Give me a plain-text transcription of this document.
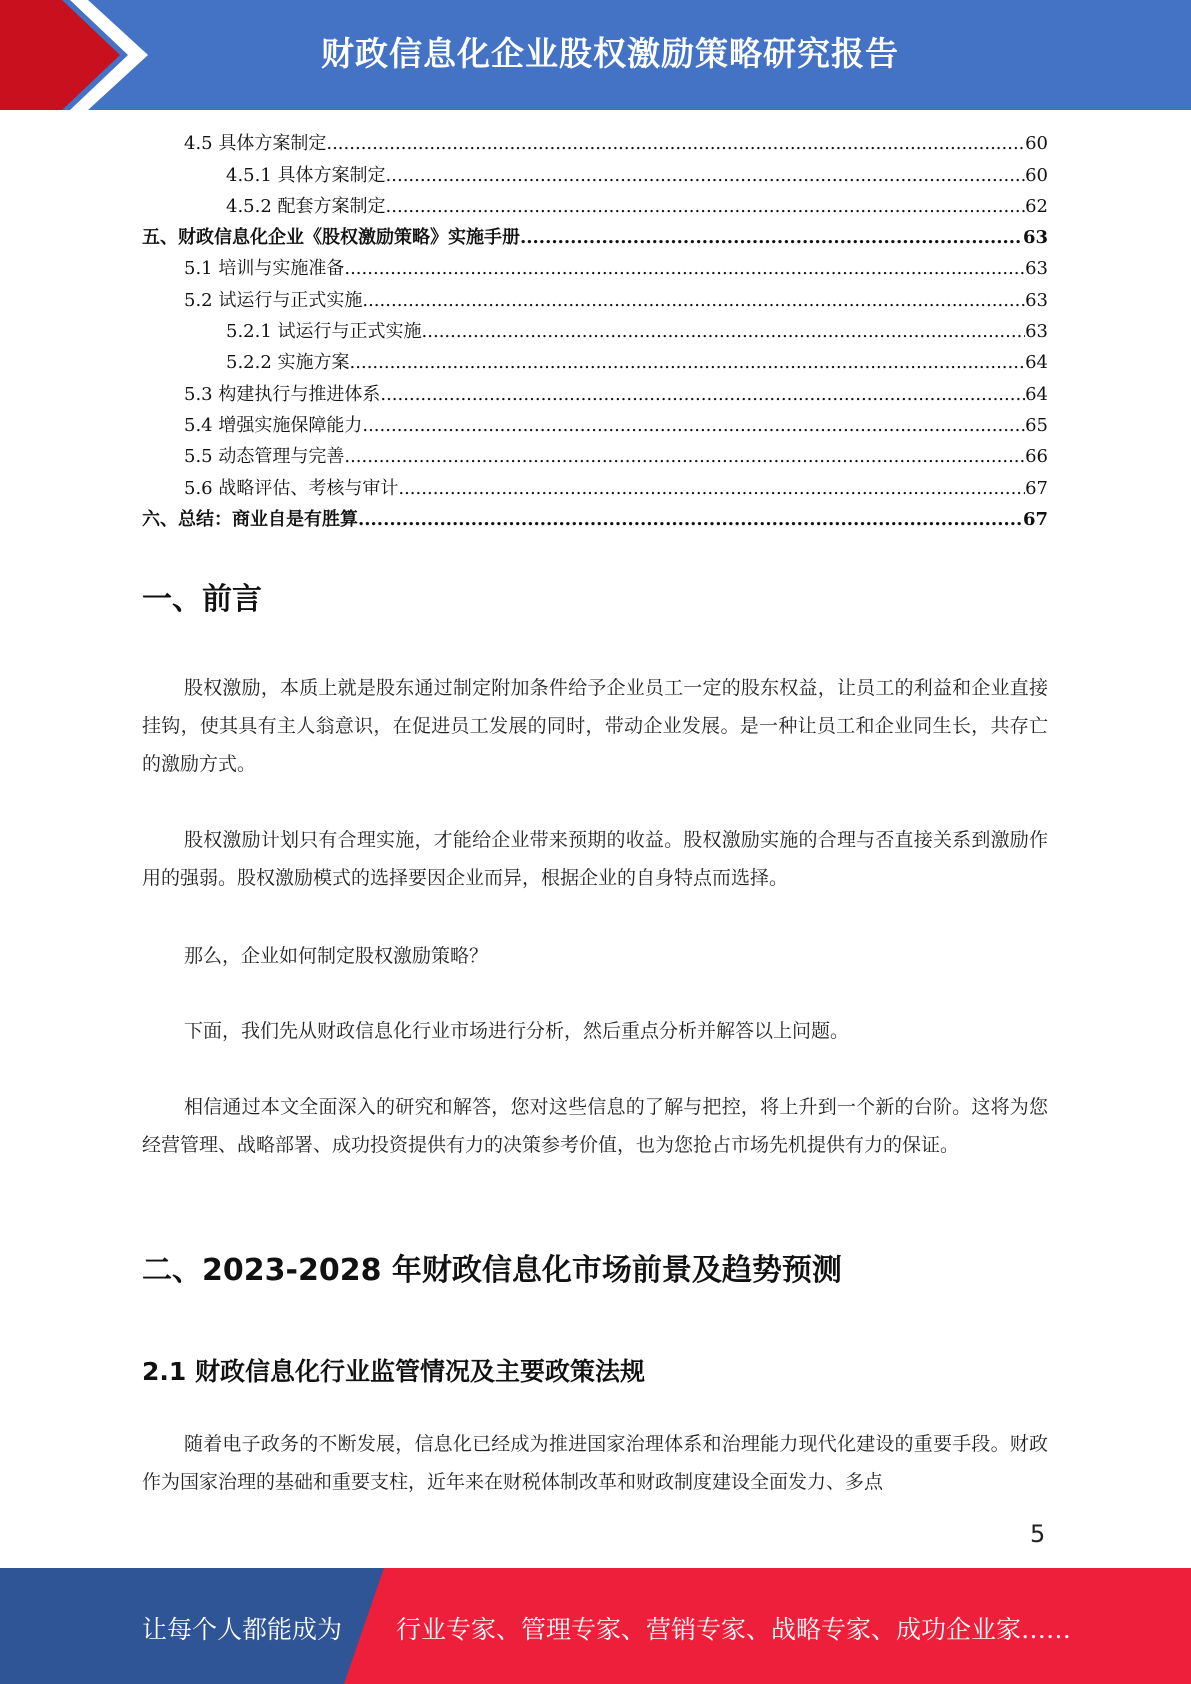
财政信息化企业股权激励策略研究报告
4.5 具体方案制定 .....	60
4.5.1 具体方案制定 .....	60
4.5.2 配套方案制定 .....	62
五、财政信息化企业《股权激励策略》实施手册 .....	63
5.1 培训与实施准备 .....	63
5.2 试运行与正式实施 .....	63
5.2.1 试运行与正式实施 .....	63
5.2.2 实施方案 .....	64
5.3 构建执行与推进体系 .....	64
5.4 增强实施保障能力 .....	65
5.5 动态管理与完善 .....	66
5.6 战略评估、考核与审计 .....	67
六、总结：商业自是有胜算 .....	67
一、前言

股权激励，本质上就是股东通过制定附加条件给予企业员工一定的股东权益，让员工的利益和企业直接挂钩，使其具有主人翁意识，在促进员工发展的同时，带动企业发展。是一种让员工和企业同生长，共存亡的激励方式。

股权激励计划只有合理实施，才能给企业带来预期的收益。股权激励实施的合理与否直接关系到激励作用的强弱。股权激励模式的选择要因企业而异，根据企业的自身特点而选择。

那么，企业如何制定股权激励策略？

下面，我们先从财政信息化行业市场进行分析，然后重点分析并解答以上问题。

相信通过本文全面深入的研究和解答，您对这些信息的了解与把控，将上升到一个新的台阶。这将为您经营管理、战略部署、成功投资提供有力的决策参考价值，也为您抢占市场先机提供有力的保证。

二、2023-2028 年财政信息化市场前景及趋势预测
2.1 财政信息化行业监管情况及主要政策法规

随着电子政务的不断发展，信息化已经成为推进国家治理体系和治理能力现代化建设的重要手段。财政作为国家治理的基础和重要支柱，近年来在财税体制改革和财政制度建设全面发力、多点

5
让每个人都能成为 行业专家、管理专家、营销专家、战略专家、成功企业家……
